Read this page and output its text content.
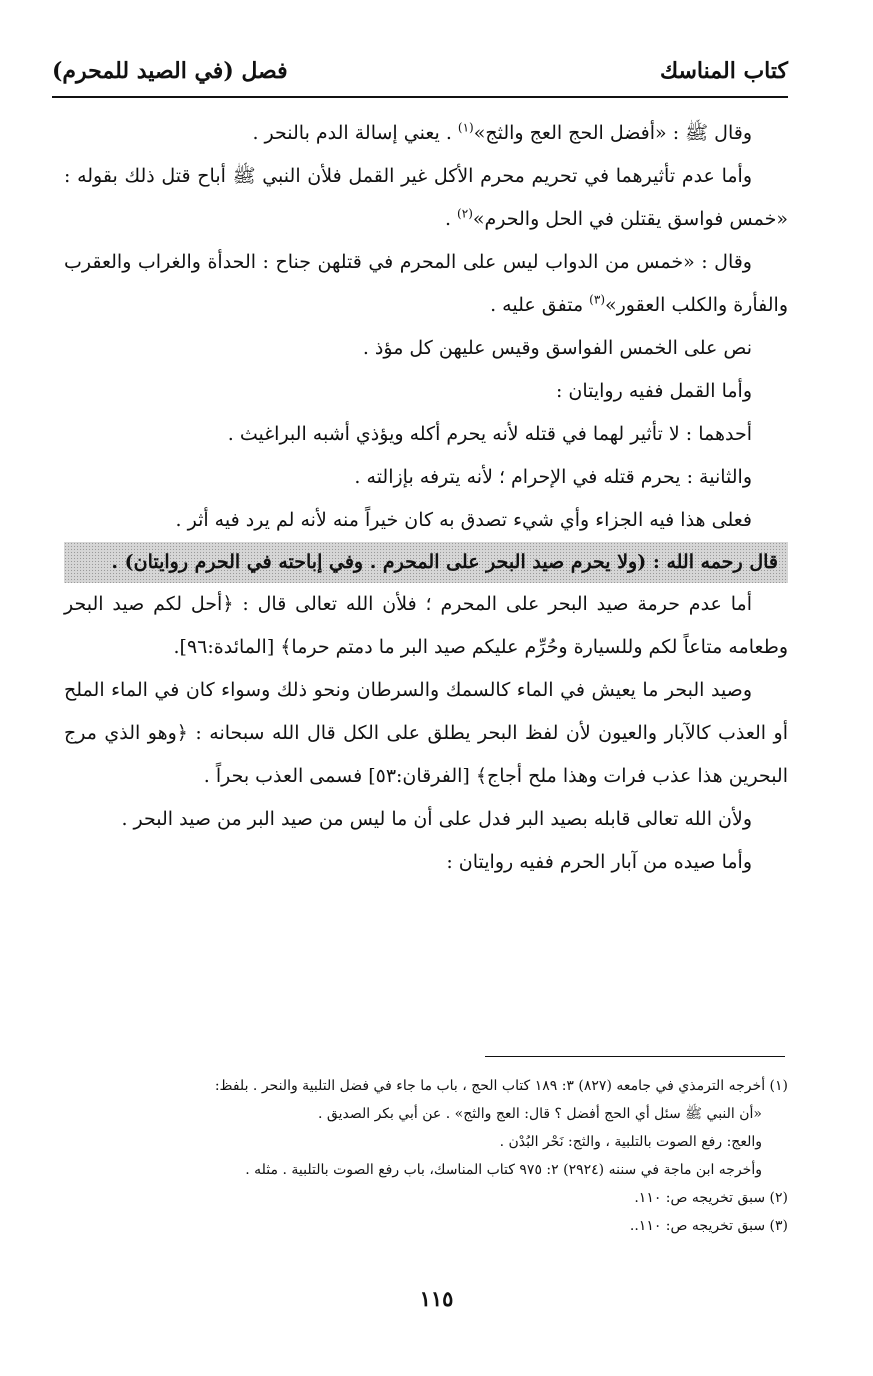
كتاب المناسك
فصل (في الصيد للمحرم)

وقال ﷺ : «أفضل الحج العج والثج»$^{(١)}$ . يعني إسالة الدم بالنحر .

وأما عدم تأثيرهما في تحريم محرم الأكل غير القمل فلأن النبي ﷺ أباح قتل ذلك بقوله : «خمس فواسق يقتلن في الحل والحرم»$^{(٢)}$ .

وقال : «خمس من الدواب ليس على المحرم في قتلهن جناح : الحدأة والغراب والعقرب والفأرة والكلب العقور»$^{(٣)}$ متفق عليه .

نص على الخمس الفواسق وقيس عليهن كل مؤذ .

وأما القمل ففيه روايتان :

أحدهما : لا تأثير لهما في قتله لأنه يحرم أكله ويؤذي أشبه البراغيث .

والثانية : يحرم قتله في الإحرام ؛ لأنه يترفه بإزالته .

فعلى هذا فيه الجزاء وأي شيء تصدق به كان خيراً منه لأنه لم يرد فيه أثر .

قال رحمه الله : (ولا يحرم صيد البحر على المحرم . وفي إباحته في الحرم روايتان) .

أما عدم حرمة صيد البحر على المحرم ؛ فلأن الله تعالى قال : ﴿أحل لكم صيد البحر وطعامه متاعاً لكم وللسيارة وحُرِّم عليكم صيد البر ما دمتم حرما﴾ [المائدة:٩٦].

وصيد البحر ما يعيش في الماء كالسمك والسرطان ونحو ذلك وسواء كان في الماء الملح أو العذب كالآبار والعيون لأن لفظ البحر يطلق على الكل قال الله سبحانه : ﴿وهو الذي مرج البحرين هذا عذب فرات وهذا ملح أجاج﴾ [الفرقان:٥٣] فسمى العذب بحراً .

ولأن الله تعالى قابله بصيد البر فدل على أن ما ليس من صيد البر من صيد البحر .

وأما صيده من آبار الحرم ففيه روايتان :

(١) أخرجه الترمذي في جامعه (٨٢٧) ٣: ١٨٩ كتاب الحج ، باب ما جاء في فضل التلبية والنحر . بلفظ:

«أن النبي ﷺ سئل أي الحج أفضل ؟ قال: العج والثج» . عن أبي بكر الصديق .

والعج: رفع الصوت بالتلبية ، والثج: نَحْر البُدْن .

وأخرجه ابن ماجة في سننه (٢٩٢٤) ٢: ٩٧٥ كتاب المناسك، باب رفع الصوت بالتلبية . مثله .

(٢) سبق تخريجه ص: ١١٠.

(٣) سبق تخريجه ص: ١١٠..

١١٥
